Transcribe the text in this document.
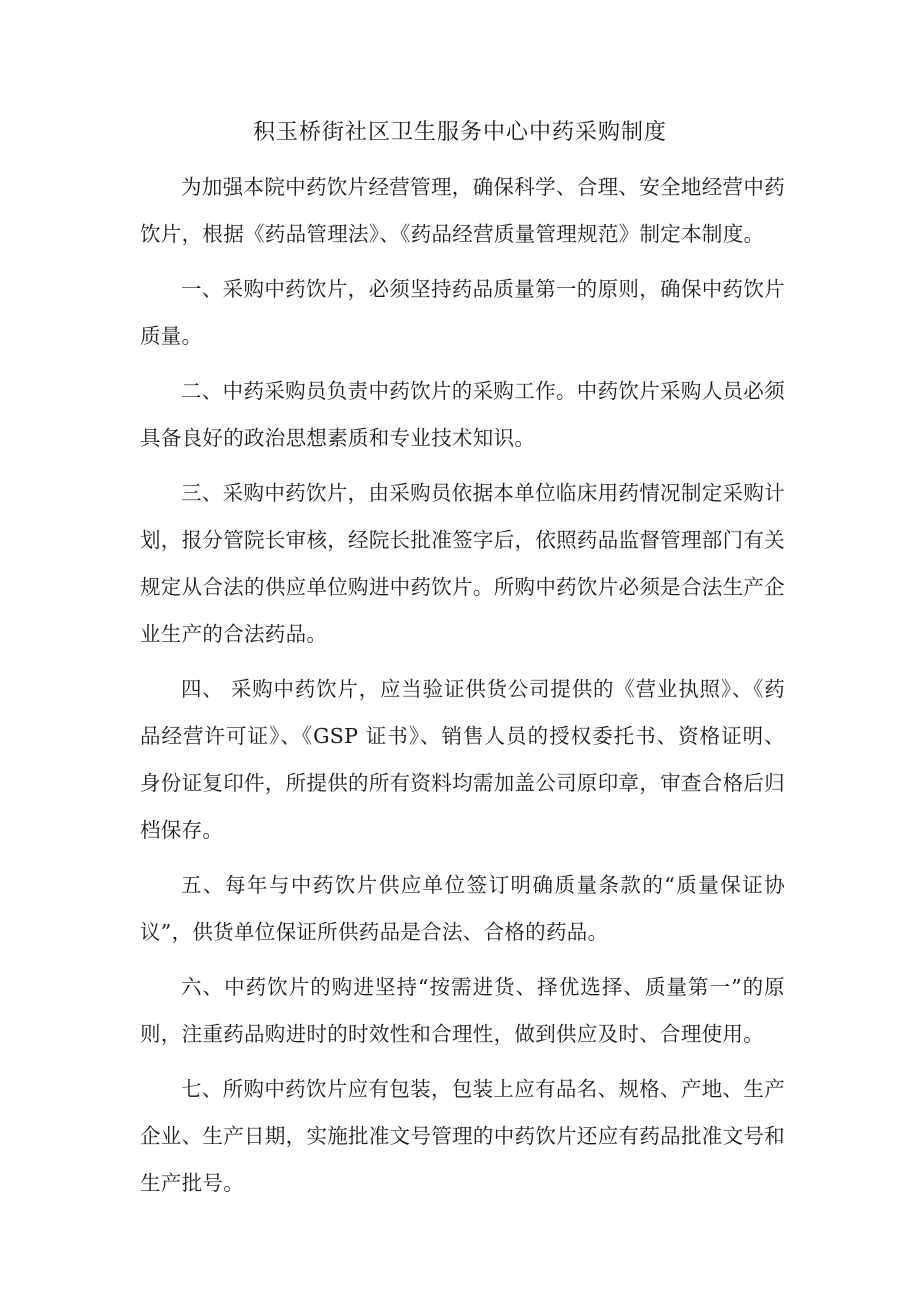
积玉桥街社区卫生服务中心中药采购制度

为加强本院中药饮片经营管理，确保科学、合理、安全地经营中药饮片，根据《药品管理法》、《药品经营质量管理规范》制定本制度。

一、采购中药饮片，必须坚持药品质量第一的原则，确保中药饮片质量。

二、中药采购员负责中药饮片的采购工作。中药饮片采购人员必须具备良好的政治思想素质和专业技术知识。

三、采购中药饮片，由采购员依据本单位临床用药情况制定采购计划，报分管院长审核，经院长批准签字后，依照药品监督管理部门有关规定从合法的供应单位购进中药饮片。所购中药饮片必须是合法生产企业生产的合法药品。

四、 采购中药饮片，应当验证供货公司提供的《营业执照》、《药品经营许可证》、《GSP 证书》、销售人员的授权委托书、资格证明、身份证复印件，所提供的所有资料均需加盖公司原印章，审查合格后归档保存。

五、每年与中药饮片供应单位签订明确质量条款的“质量保证协议”，供货单位保证所供药品是合法、合格的药品。

六、中药饮片的购进坚持“按需进货、择优选择、质量第一”的原则，注重药品购进时的时效性和合理性，做到供应及时、合理使用。

七、所购中药饮片应有包装，包装上应有品名、规格、产地、生产企业、生产日期，实施批准文号管理的中药饮片还应有药品批准文号和生产批号。
